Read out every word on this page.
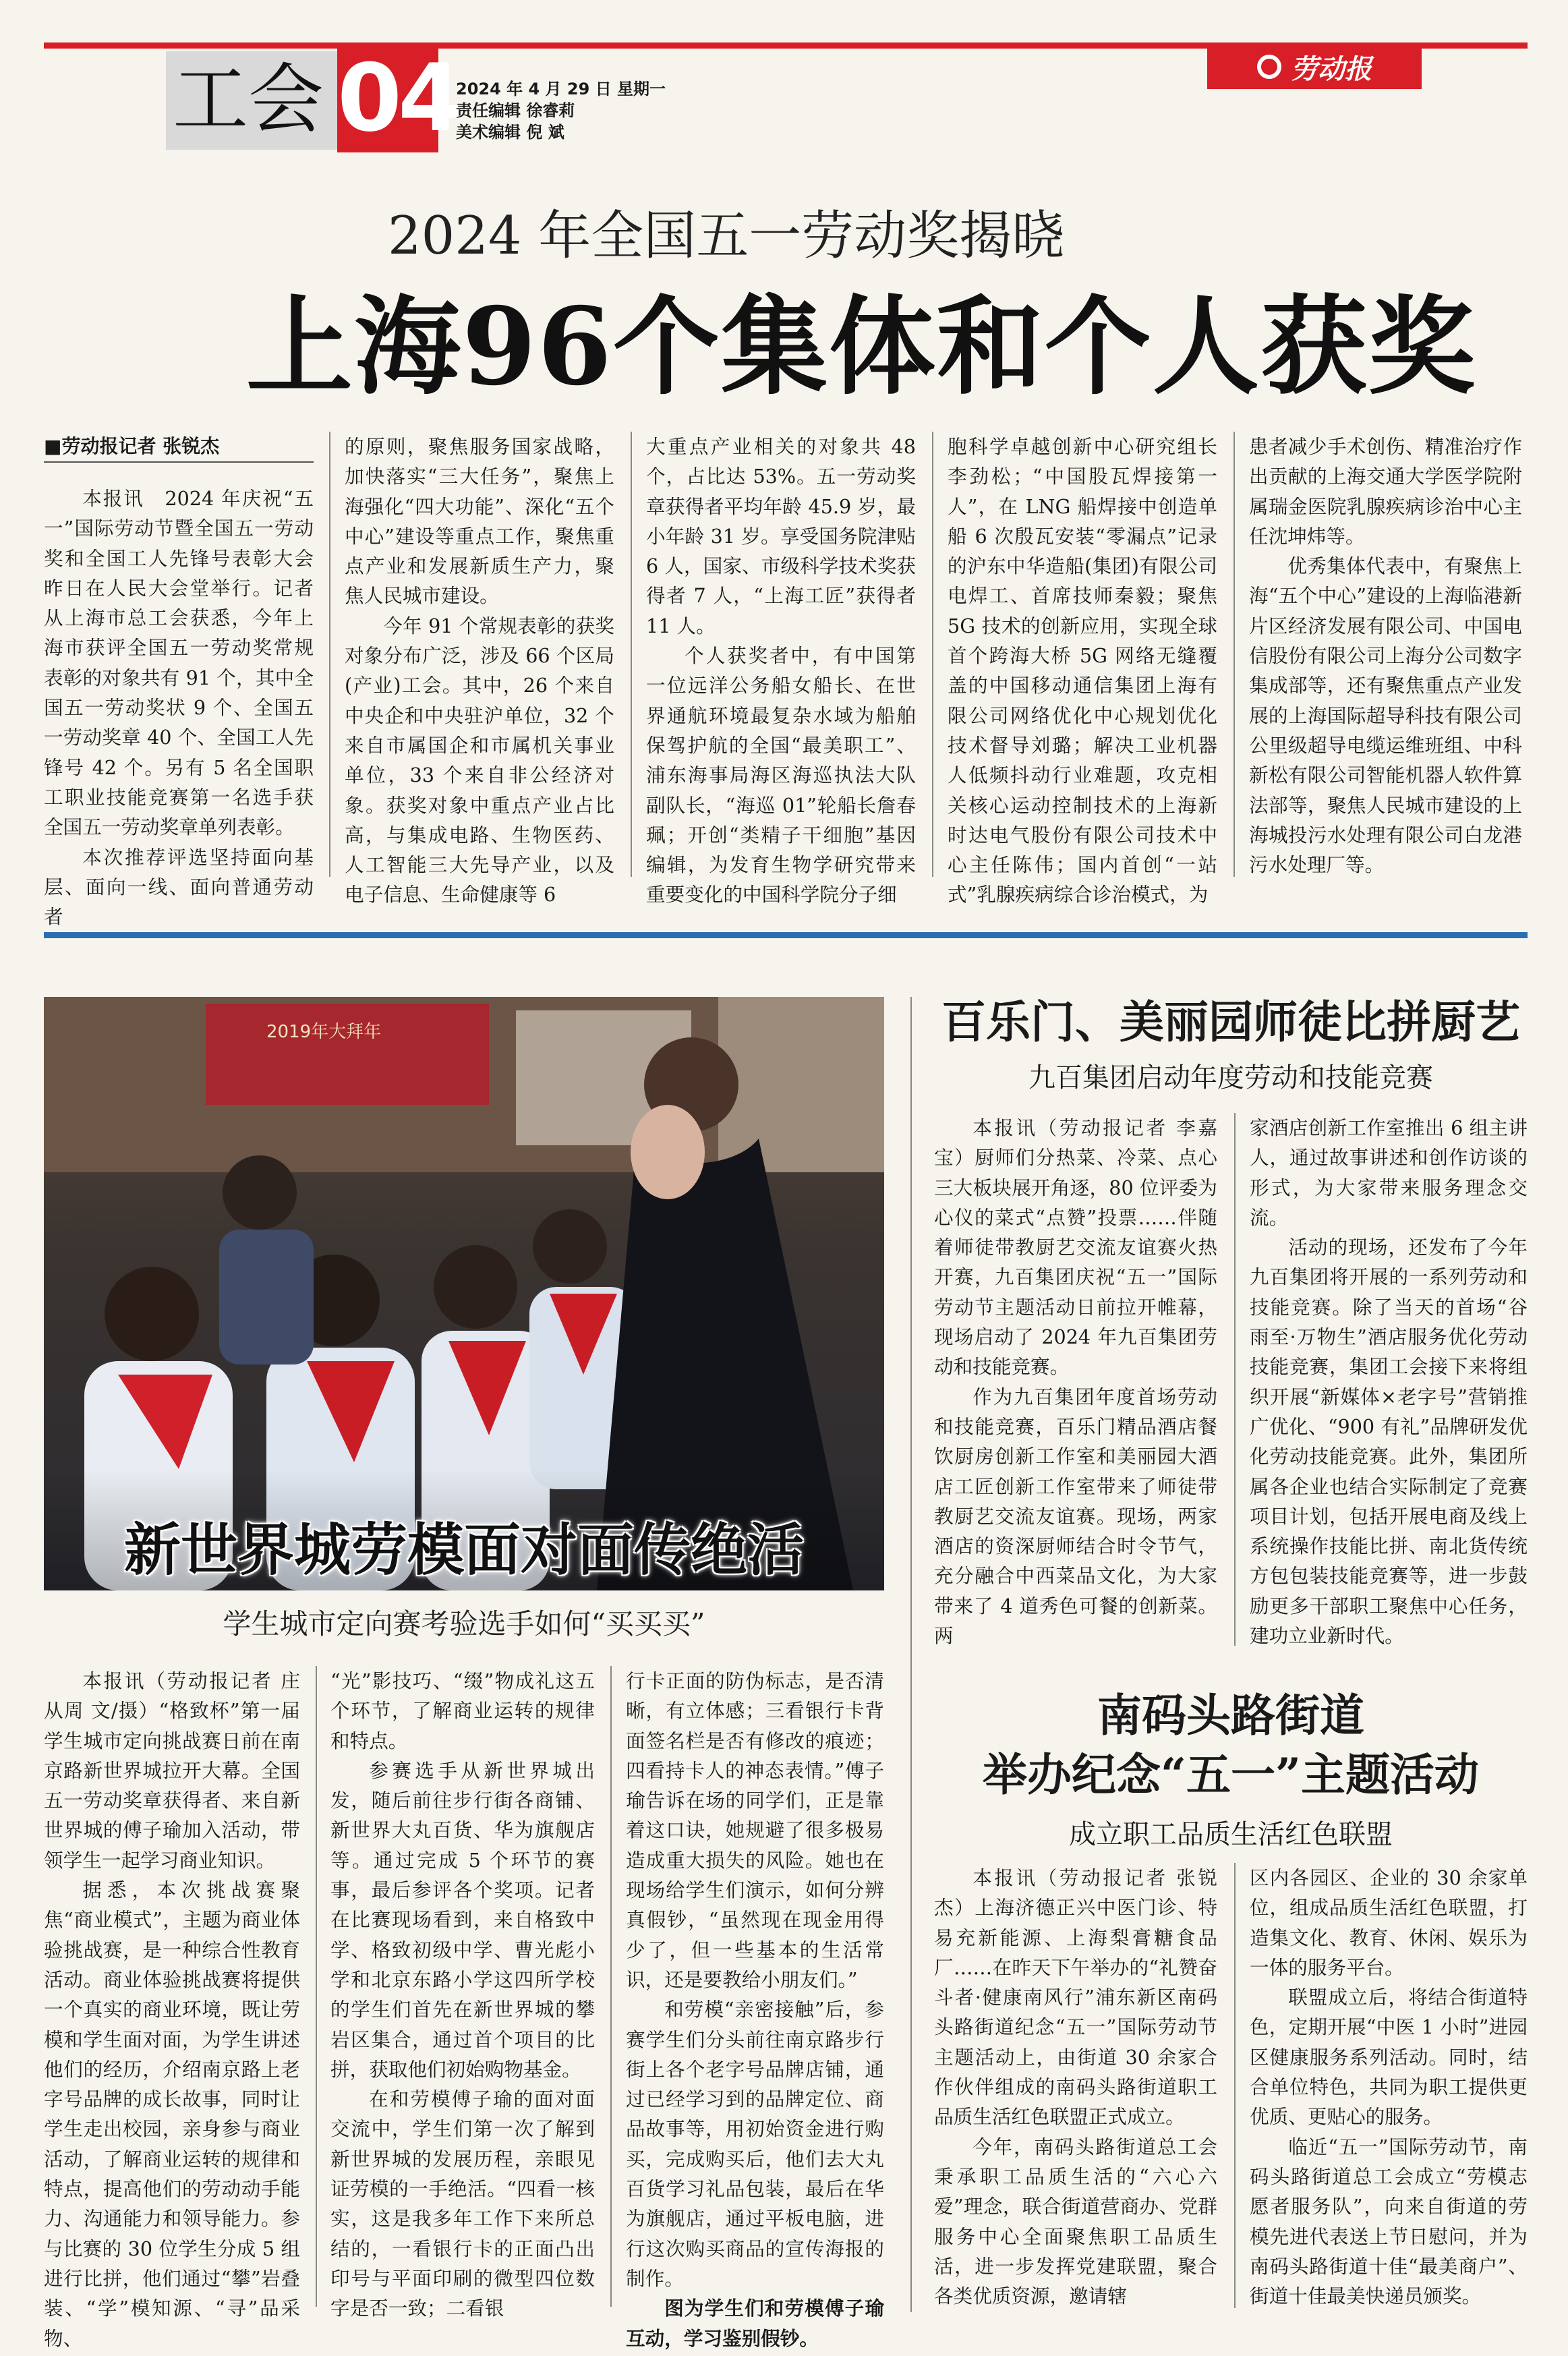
工会 04
2024 年 4 月 29 日 星期一
责任编辑 徐睿莉
美术编辑 倪 斌
劳动报
2024 年全国五一劳动奖揭晓
上海96个集体和个人获奖
■劳动报记者 张锐杰

本报讯　2024 年庆祝“五一”国际劳动节暨全国五一劳动奖和全国工人先锋号表彰大会昨日在人民大会堂举行。记者从上海市总工会获悉，今年上海市获评全国五一劳动奖常规表彰的对象共有 91 个，其中全国五一劳动奖状 9 个、全国五一劳动奖章 40 个、全国工人先锋号 42 个。另有 5 名全国职工职业技能竞赛第一名选手获全国五一劳动奖章单列表彰。

本次推荐评选坚持面向基层、面向一线、面向普通劳动者

的原则，聚焦服务国家战略，加快落实“三大任务”，聚焦上海强化“四大功能”、深化“五个中心”建设等重点工作，聚焦重点产业和发展新质生产力，聚焦人民城市建设。

今年 91 个常规表彰的获奖对象分布广泛，涉及 66 个区局(产业)工会。其中，26 个来自中央企和中央驻沪单位，32 个来自市属国企和市属机关事业单位，33 个来自非公经济对象。获奖对象中重点产业占比高，与集成电路、生物医药、人工智能三大先导产业，以及电子信息、生命健康等 6

大重点产业相关的对象共 48 个，占比达 53%。五一劳动奖章获得者平均年龄 45.9 岁，最小年龄 31 岁。享受国务院津贴 6 人，国家、市级科学技术奖获得者 7 人，“上海工匠”获得者 11 人。

个人获奖者中，有中国第一位远洋公务船女船长、在世界通航环境最复杂水域为船舶保驾护航的全国“最美职工”、浦东海事局海区海巡执法大队副队长，“海巡 01”轮船长詹春珮；开创“类精子干细胞”基因编辑，为发育生物学研究带来重要变化的中国科学院分子细

胞科学卓越创新中心研究组长李劲松；“中国股瓦焊接第一人”，在 LNG 船焊接中创造单船 6 次殷瓦安装“零漏点”记录的沪东中华造船(集团)有限公司电焊工、首席技师秦毅；聚焦 5G 技术的创新应用，实现全球首个跨海大桥 5G 网络无缝覆盖的中国移动通信集团上海有限公司网络优化中心规划优化技术督导刘璐；解决工业机器人低频抖动行业难题，攻克相关核心运动控制技术的上海新时达电气股份有限公司技术中心主任陈伟；国内首创“一站式”乳腺疾病综合诊治模式，为

患者减少手术创伤、精准治疗作出贡献的上海交通大学医学院附属瑞金医院乳腺疾病诊治中心主任沈坤炜等。

优秀集体代表中，有聚焦上海“五个中心”建设的上海临港新片区经济发展有限公司、中国电信股份有限公司上海分公司数字集成部等，还有聚焦重点产业发展的上海国际超导科技有限公司公里级超导电缆运维班组、中科新松有限公司智能机器人软件算法部等，聚焦人民城市建设的上海城投污水处理有限公司白龙港污水处理厂等。

2019年大拜年
新世界城劳模面对面传绝活
学生城市定向赛考验选手如何“买买买”

本报讯（劳动报记者 庄从周 文/摄）“格致杯”第一届学生城市定向挑战赛日前在南京路新世界城拉开大幕。全国五一劳动奖章获得者、来自新世界城的傅子瑜加入活动，带领学生一起学习商业知识。

据悉，本次挑战赛聚焦“商业模式”，主题为商业体验挑战赛，是一种综合性教育活动。商业体验挑战赛将提供一个真实的商业环境，既让劳模和学生面对面，为学生讲述他们的经历，介绍南京路上老字号品牌的成长故事，同时让学生走出校园，亲身参与商业活动，了解商业运转的规律和特点，提高他们的劳动动手能力、沟通能力和领导能力。参与比赛的 30 位学生分成 5 组进行比拼，他们通过“攀”岩叠装、“学”模知源、“寻”品采物、

“光”影技巧、“缀”物成礼这五个环节，了解商业运转的规律和特点。

参赛选手从新世界城出发，随后前往步行街各商铺、新世界大丸百货、华为旗舰店等。通过完成 5 个环节的赛事，最后参评各个奖项。记者在比赛现场看到，来自格致中学、格致初级中学、曹光彪小学和北京东路小学这四所学校的学生们首先在新世界城的攀岩区集合，通过首个项目的比拼，获取他们初始购物基金。

在和劳模傅子瑜的面对面交流中，学生们第一次了解到新世界城的发展历程，亲眼见证劳模的一手绝活。“四看一核实，这是我多年工作下来所总结的，一看银行卡的正面凸出印号与平面印刷的微型四位数字是否一致；二看银

行卡正面的防伪标志，是否清晰，有立体感；三看银行卡背面签名栏是否有修改的痕迹；四看持卡人的神态表情。”傅子瑜告诉在场的同学们，正是靠着这口诀，她规避了很多极易造成重大损失的风险。她也在现场给学生们演示，如何分辨真假钞，“虽然现在现金用得少了，但一些基本的生活常识，还是要教给小朋友们。”

和劳模“亲密接触”后，参赛学生们分头前往南京路步行街上各个老字号品牌店铺，通过已经学习到的品牌定位、商品故事等，用初始资金进行购买，完成购买后，他们去大丸百货学习礼品包装，最后在华为旗舰店，通过平板电脑，进行这次购买商品的宣传海报的制作。

图为学生们和劳模傅子瑜互动，学习鉴别假钞。

百乐门、美丽园师徒比拼厨艺
九百集团启动年度劳动和技能竞赛

本报讯（劳动报记者 李嘉宝）厨师们分热菜、冷菜、点心三大板块展开角逐，80 位评委为心仪的菜式“点赞”投票……伴随着师徒带教厨艺交流友谊赛火热开赛，九百集团庆祝“五一”国际劳动节主题活动日前拉开帷幕，现场启动了 2024 年九百集团劳动和技能竞赛。

作为九百集团年度首场劳动和技能竞赛，百乐门精品酒店餐饮厨房创新工作室和美丽园大酒店工匠创新工作室带来了师徒带教厨艺交流友谊赛。现场，两家酒店的资深厨师结合时令节气，充分融合中西菜品文化，为大家带来了 4 道秀色可餐的创新菜。两

家酒店创新工作室推出 6 组主讲人，通过故事讲述和创作访谈的形式，为大家带来服务理念交流。

活动的现场，还发布了今年九百集团将开展的一系列劳动和技能竞赛。除了当天的首场“谷雨至·万物生”酒店服务优化劳动技能竞赛，集团工会接下来将组织开展“新媒体×老字号”营销推广优化、“900 有礼”品牌研发优化劳动技能竞赛。此外，集团所属各企业也结合实际制定了竞赛项目计划，包括开展电商及线上系统操作技能比拼、南北货传统方包包装技能竞赛等，进一步鼓励更多干部职工聚焦中心任务，建功立业新时代。

南码头路街道
举办纪念“五一”主题活动
成立职工品质生活红色联盟

本报讯（劳动报记者 张锐杰）上海济德正兴中医门诊、特易充新能源、上海梨膏糖食品厂……在昨天下午举办的“礼赞奋斗者·健康南风行”浦东新区南码头路街道纪念“五一”国际劳动节主题活动上，由街道 30 余家合作伙伴组成的南码头路街道职工品质生活红色联盟正式成立。

今年，南码头路街道总工会秉承职工品质生活的“六心六爱”理念，联合街道营商办、党群服务中心全面聚焦职工品质生活，进一步发挥党建联盟，聚合各类优质资源，邀请辖

区内各园区、企业的 30 余家单位，组成品质生活红色联盟，打造集文化、教育、休闲、娱乐为一体的服务平台。

联盟成立后，将结合街道特色，定期开展“中医 1 小时”进园区健康服务系列活动。同时，结合单位特色，共同为职工提供更优质、更贴心的服务。

临近“五一”国际劳动节，南码头路街道总工会成立“劳模志愿者服务队”，向来自街道的劳模先进代表送上节日慰问，并为南码头路街道十佳“最美商户”、街道十佳最美快递员颁奖。
